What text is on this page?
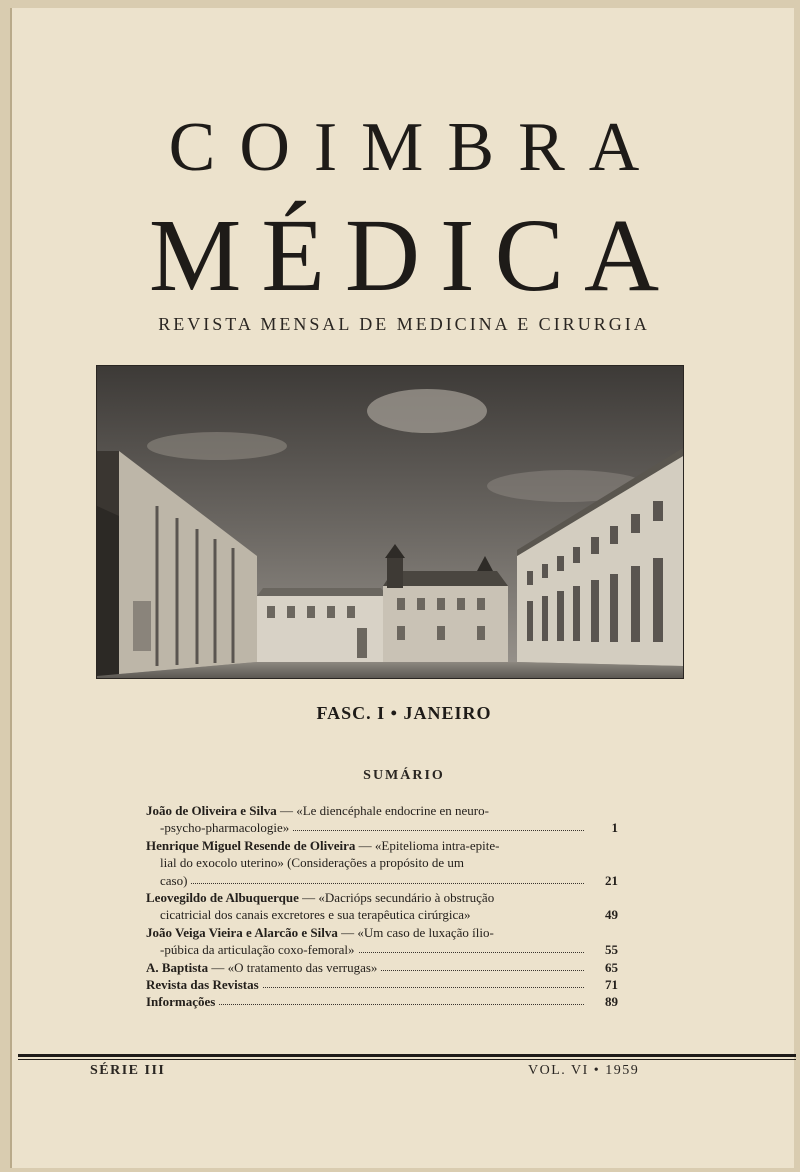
COIMBRA
MÉDICA
REVISTA MENSAL DE MEDICINA E CIRURGIA
FASC. I • JANEIRO
SUMÁRIO
João de Oliveira e Silva — «Le diencéphale endocrine en neuro-
-psycho-pharmacologie»	1
Henrique Miguel Resende de Oliveira — «Epitelioma intra-epite-
lial do exocolo uterino» (Considerações a propósito de um
caso)	21
Leovegildo de Albuquerque — «Dacrióps secundário à obstrução
cicatricial dos canais excretores e sua terapêutica cirúrgica»	49
João Veiga Vieira e Alarcão e Silva — «Um caso de luxação ílio-
-púbica da articulação coxo-femoral»	55
A. Baptista — «O tratamento das verrugas»	65
Revista das Revistas	71
Informações	89
SÉRIE III	VOL. VI • 1959
